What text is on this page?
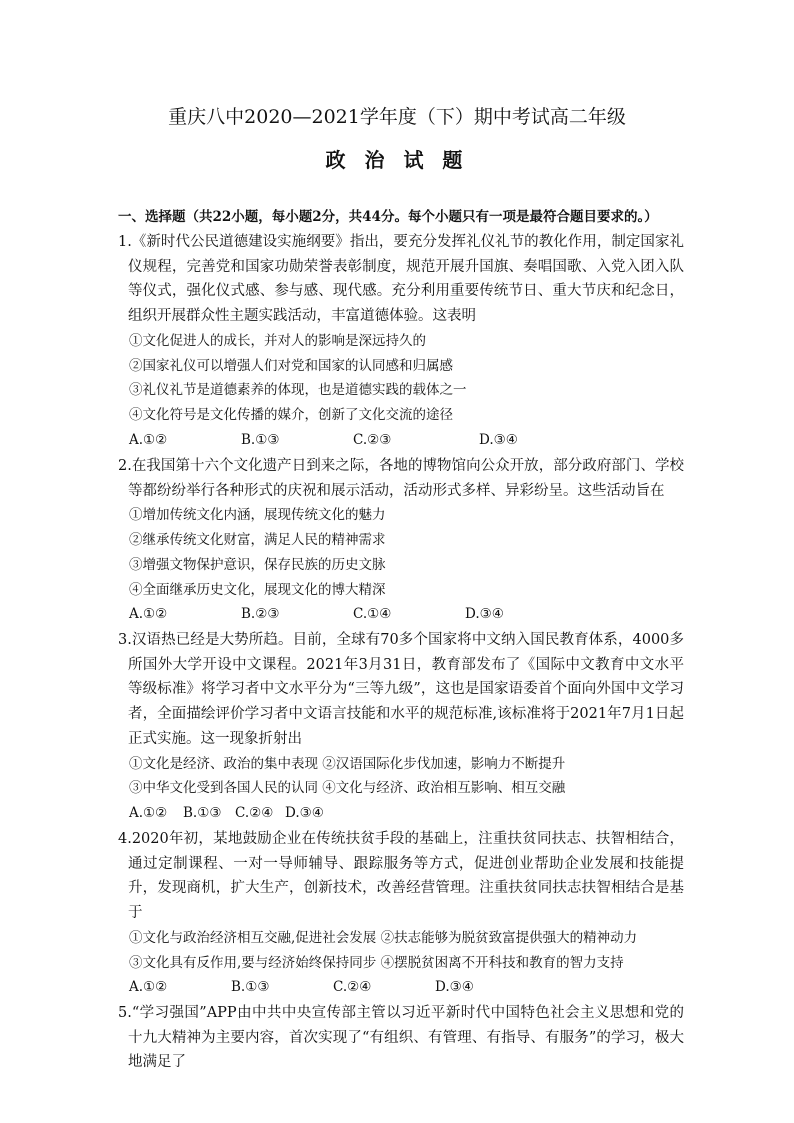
重庆八中2020—2021学年度（下）期中考试高二年级
政 治 试 题
一、选择题（共22小题，每小题2分，共44分。每个小题只有一项是最符合题目要求的。）
1.《新时代公民道德建设实施纲要》指出，要充分发挥礼仪礼节的教化作用，制定国家礼仪规程，完善党和国家功勋荣誉表彰制度，规范开展升国旗、奏唱国歌、入党入团入队等仪式，强化仪式感、参与感、现代感。充分利用重要传统节日、重大节庆和纪念日，组织开展群众性主题实践活动，丰富道德体验。这表明
①文化促进人的成长，并对人的影响是深远持久的
②国家礼仪可以增强人们对党和国家的认同感和归属感
③礼仪礼节是道德素养的体现，也是道德实践的载体之一
④文化符号是文化传播的媒介，创新了文化交流的途径
A.①②	B.①③	C.②③	D.③④
2.在我国第十六个文化遗产日到来之际，各地的博物馆向公众开放，部分政府部门、学校等都纷纷举行各种形式的庆祝和展示活动，活动形式多样、异彩纷呈。这些活动旨在
①增加传统文化内涵，展现传统文化的魅力
②继承传统文化财富，满足人民的精神需求
③增强文物保护意识，保存民族的历史文脉
④全面继承历史文化，展现文化的博大精深
A.①②	B.②③	C.①④	D.③④
3.汉语热已经是大势所趋。目前，全球有70多个国家将中文纳入国民教育体系，4000多所国外大学开设中文课程。2021年3月31日，教育部发布了《国际中文教育中文水平等级标准》将学习者中文水平分为“三等九级”，这也是国家语委首个面向外国中文学习者，全面描绘评价学习者中文语言技能和水平的规范标准,该标准将于2021年7月1日起正式实施。这一现象折射出
①文化是经济、政治的集中表现 ②汉语国际化步伐加速，影响力不断提升
③中华文化受到各国人民的认同 ④文化与经济、政治相互影响、相互交融
A.①② B.①③ C.②④ D.③④
4.2020年初，某地鼓励企业在传统扶贫手段的基础上，注重扶贫同扶志、扶智相结合，通过定制课程、一对一导师辅导、跟踪服务等方式，促进创业帮助企业发展和技能提升，发现商机，扩大生产，创新技术，改善经营管理。注重扶贫同扶志扶智相结合是基于
①文化与政治经济相互交融,促进社会发展 ②扶志能够为脱贫致富提供强大的精神动力
③文化具有反作用,要与经济始终保持同步 ④摆脱贫困离不开科技和教育的智力支持
A.①②	B.①③	C.②④	D.③④
5.“学习强国”APP由中共中央宣传部主管以习近平新时代中国特色社会主义思想和党的十九大精神为主要内容，首次实现了“有组织、有管理、有指导、有服务”的学习，极大地满足了
